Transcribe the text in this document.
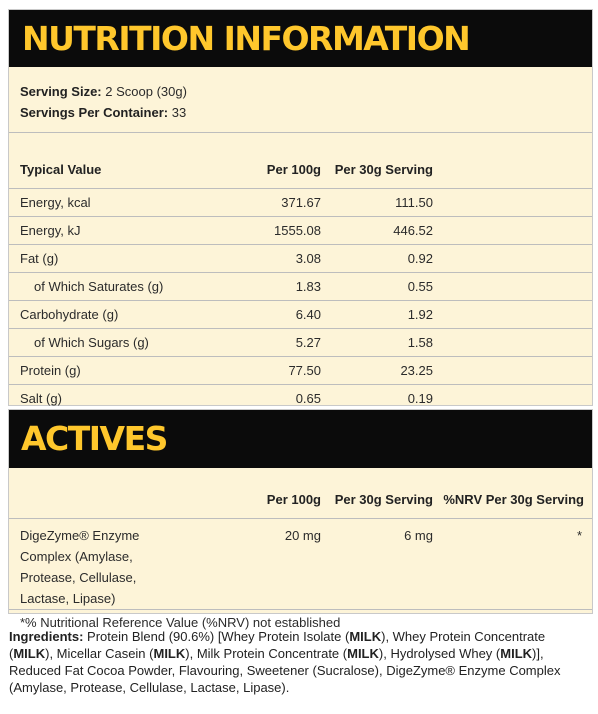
NUTRITION INFORMATION
Serving Size: 2 Scoop (30g)
Servings Per Container: 33
Typical Value	Per 100g	Per 30g Serving	
Energy, kcal	371.67	111.50	
Energy, kJ	1555.08	446.52	
Fat (g)	3.08	0.92	
of Which Saturates (g)	1.83	0.55	
Carbohydrate (g)	6.40	1.92	
of Which Sugars (g)	5.27	1.58	
Protein (g)	77.50	23.25	
Salt (g)	0.65	0.19	
ACTIVES
	Per 100g	Per 30g Serving	%NRV Per 30g Serving
DigeZyme® Enzyme Complex (Amylase, Protease, Cellulase, Lactase, Lipase)	20 mg	6 mg	*
*% Nutritional Reference Value (%NRV) not established			
Ingredients: Protein Blend (90.6%) [Whey Protein Isolate (MILK), Whey Protein Concentrate (MILK), Micellar Casein (MILK), Milk Protein Concentrate (MILK), Hydrolysed Whey (MILK)], Reduced Fat Cocoa Powder, Flavouring, Sweetener (Sucralose), DigeZyme® Enzyme Complex (Amylase, Protease, Cellulase, Lactase, Lipase).
